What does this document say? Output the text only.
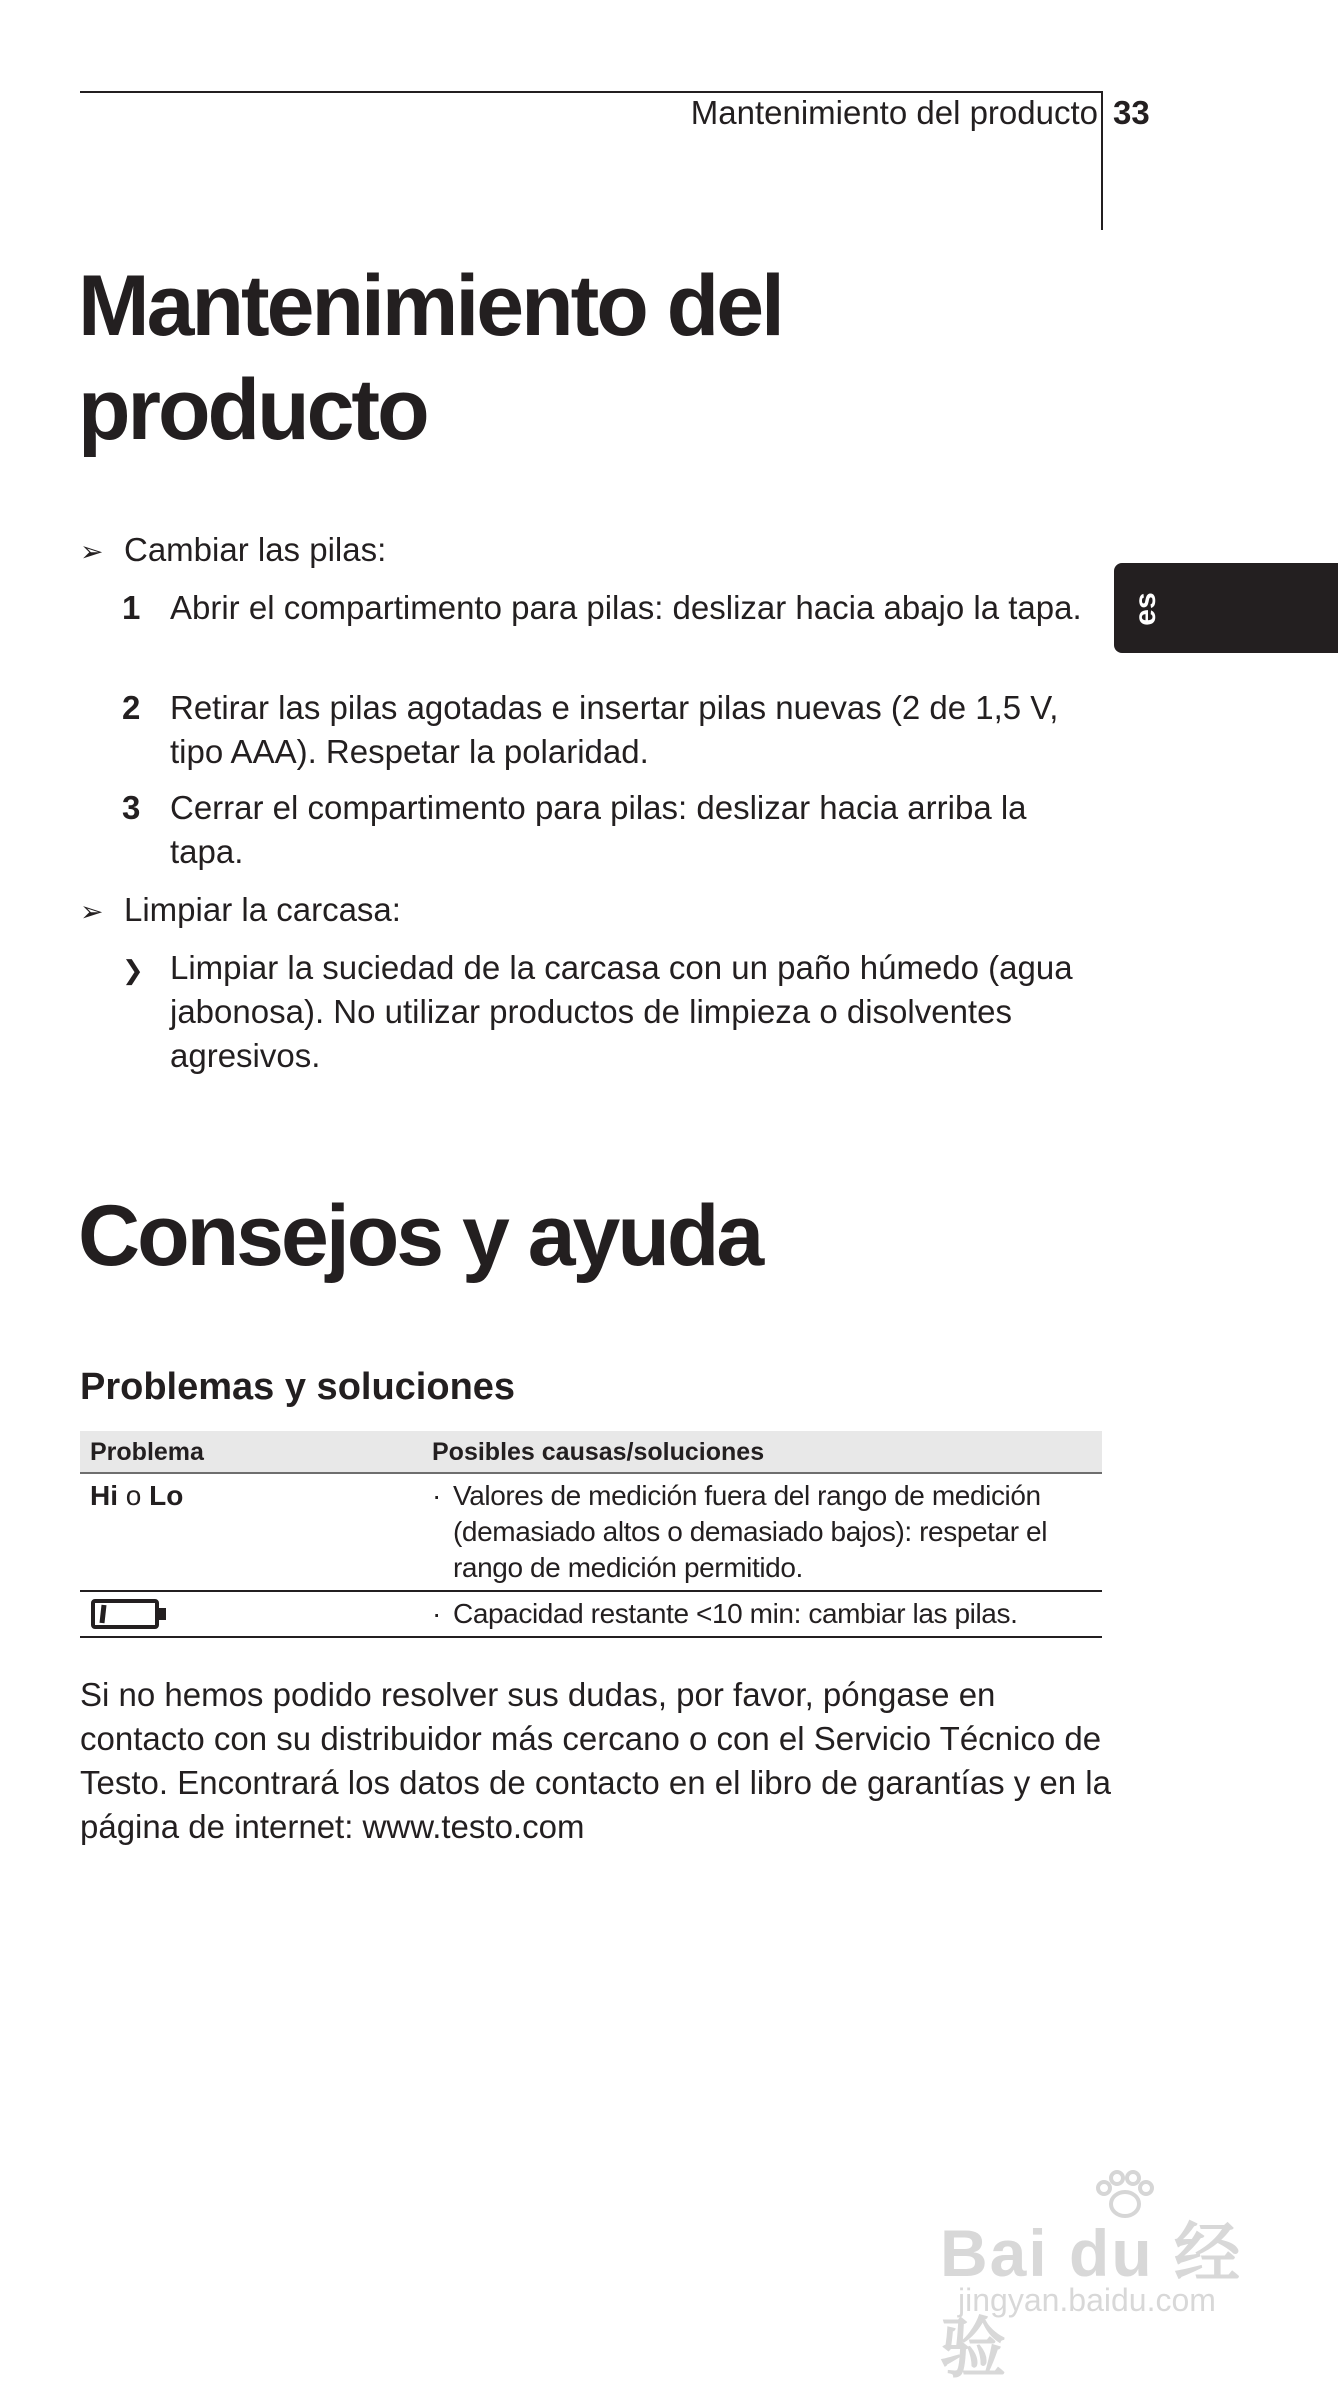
Mantenimiento del producto 33
es
Mantenimiento del
producto
➢ Cambiar las pilas:
1 Abrir el compartimento para pilas: deslizar hacia abajo la tapa.
2 Retirar las pilas agotadas e insertar pilas nuevas (2 de 1,5 V, tipo AAA). Respetar la polaridad.
3 Cerrar el compartimento para pilas: deslizar hacia arriba la tapa.
➢ Limpiar la carcasa:
❯ Limpiar la suciedad de la carcasa con un paño húmedo (agua jabonosa). No utilizar productos de limpieza o disolventes agresivos.
Consejos y ayuda
Problemas y soluciones
Problema	Posibles causas/soluciones
Hi o Lo	· Valores de medición fuera del rango de medición (demasiado altos o demasiado bajos): respetar el rango de medición permitido.
· Capacidad restante <10 min: cambiar las pilas.
Si no hemos podido resolver sus dudas, por favor, póngase en contacto con su distribuidor más cercano o con el Servicio Técnico de Testo. Encontrará los datos de contacto en el libro de garantías y en la página de internet: www.testo.com
Bai du 经验
jingyan.baidu.com
